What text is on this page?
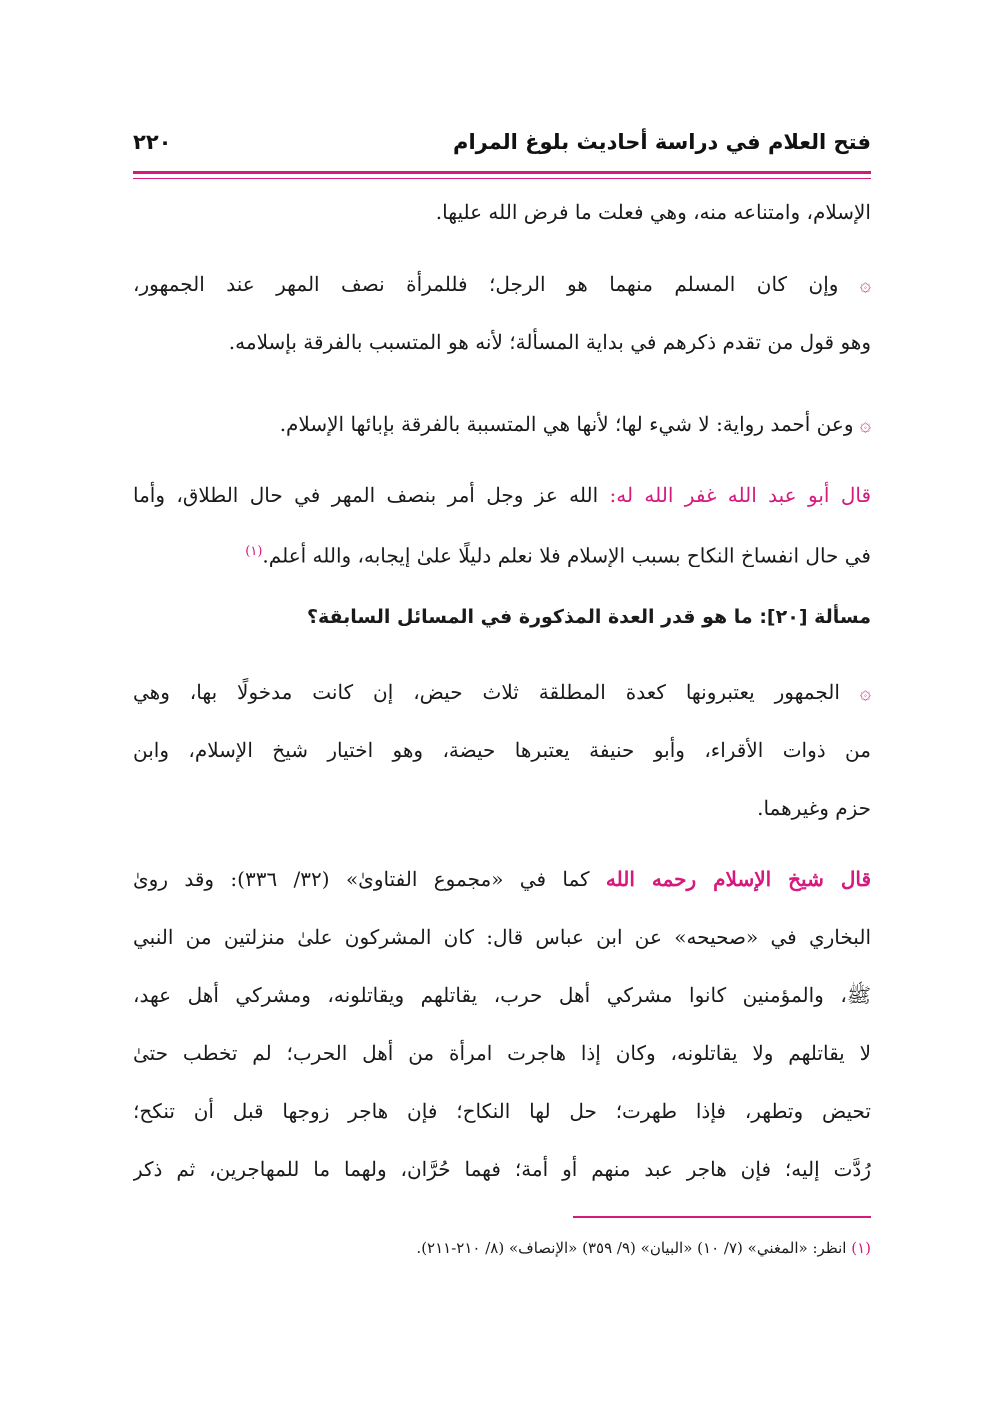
فتح العلام في دراسة أحاديث بلوغ المرام
٢٢٠
الإسلام، وامتناعه منه، وهي فعلت ما فرض الله عليها.
۞ وإن كان المسلم منهما هو الرجل؛ فللمرأة نصف المهر عند الجمهور،
وهو قول من تقدم ذكرهم في بداية المسألة؛ لأنه هو المتسبب بالفرقة بإسلامه.
۞ وعن أحمد رواية: لا شيء لها؛ لأنها هي المتسببة بالفرقة بإبائها الإسلام.
قال أبو عبد الله غفر الله له: الله عز وجل أمر بنصف المهر في حال الطلاق، وأما
في حال انفساخ النكاح بسبب الإسلام فلا نعلم دليلًا علىٰ إيجابه، والله أعلم.$^{(١)}$
مسألة [٢٠]: ما هو قدر العدة المذكورة في المسائل السابقة؟
۞ الجمهور يعتبرونها كعدة المطلقة ثلاث حيض، إن كانت مدخولًا بها، وهي
من ذوات الأقراء، وأبو حنيفة يعتبرها حيضة، وهو اختيار شيخ الإسلام، وابن
حزم وغيرهما.
قال شيخ الإسلام رحمه الله كما في «مجموع الفتاوىٰ» (٣٢/ ٣٣٦): وقد روىٰ
البخاري في «صحيحه» عن ابن عباس قال: كان المشركون علىٰ منزلتين من النبي
ﷺ، والمؤمنين كانوا مشركي أهل حرب، يقاتلهم ويقاتلونه، ومشركي أهل عهد،
لا يقاتلهم ولا يقاتلونه، وكان إذا هاجرت امرأة من أهل الحرب؛ لم تخطب حتىٰ
تحيض وتطهر، فإذا طهرت؛ حل لها النكاح؛ فإن هاجر زوجها قبل أن تنكح؛
رُدَّت إليه؛ فإن هاجر عبد منهم أو أمة؛ فهما حُرَّان، ولهما ما للمهاجرين، ثم ذكر
(١) انظر: «المغني» (٧/ ١٠) «البيان» (٩/ ٣٥٩) «الإنصاف» (٨/ ٢١٠-٢١١).
